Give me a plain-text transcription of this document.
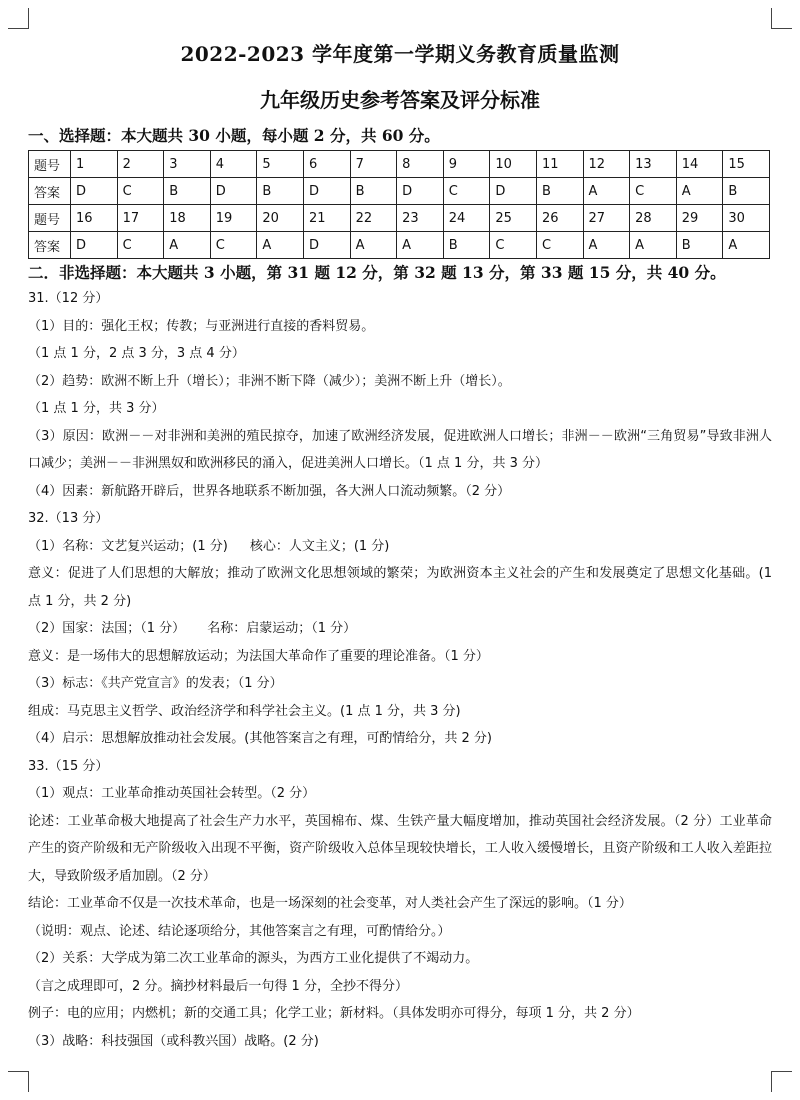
2022-2023 学年度第一学期义务教育质量监测
九年级历史参考答案及评分标准

一、选择题：本大题共 30 小题，每小题 2 分，共 60 分。

题号	1	2	3	4	5	6	7	8	9	10	11	12	13	14	15
答案	D	C	B	D	B	D	B	D	C	D	B	A	C	A	B
题号	16	17	18	19	20	21	22	23	24	25	26	27	28	29	30
答案	D	C	A	C	A	D	A	A	B	C	C	A	A	B	A

二．非选择题：本大题共 3 小题，第 31 题 12 分，第 32 题 13 分，第 33 题 15 分，共 40 分。

31.（12 分）

（1）目的：强化王权；传教；与亚洲进行直接的香料贸易。

（1 点 1 分，2 点 3 分，3 点 4 分）

（2）趋势：欧洲不断上升（增长）；非洲不断下降（减少）；美洲不断上升（增长）。

（1 点 1 分，共 3 分）

（3）原因：欧洲－－对非洲和美洲的殖民掠夺，加速了欧洲经济发展，促进欧洲人口增长；非洲－－欧洲“三角贸易”导致非洲人口减少；美洲－－非洲黑奴和欧洲移民的涌入，促进美洲人口增长。（1 点 1 分，共 3 分）

（4）因素：新航路开辟后，世界各地联系不断加强，各大洲人口流动频繁。（2 分）

32.（13 分）

（1）名称：文艺复兴运动；(1 分) 核心：人文主义；(1 分)

意义：促进了人们思想的大解放；推动了欧洲文化思想领域的繁荣；为欧洲资本主义社会的产生和发展奠定了思想文化基础。(1 点 1 分，共 2 分)

（2）国家：法国；（1 分） 名称：启蒙运动；（1 分）

意义：是一场伟大的思想解放运动；为法国大革命作了重要的理论准备。（1 分）

（3）标志：《共产党宣言》的发表；（1 分）

组成：马克思主义哲学、政治经济学和科学社会主义。(1 点 1 分，共 3 分)

（4）启示：思想解放推动社会发展。(其他答案言之有理，可酌情给分，共 2 分)

33.（15 分）

（1）观点：工业革命推动英国社会转型。（2 分）

论述：工业革命极大地提高了社会生产力水平，英国棉布、煤、生铁产量大幅度增加，推动英国社会经济发展。（2 分）工业革命产生的资产阶级和无产阶级收入出现不平衡，资产阶级收入总体呈现较快增长，工人收入缓慢增长，且资产阶级和工人收入差距拉大，导致阶级矛盾加剧。（2 分）

结论：工业革命不仅是一次技术革命，也是一场深刻的社会变革，对人类社会产生了深远的影响。（1 分）

（说明：观点、论述、结论逐项给分，其他答案言之有理，可酌情给分。）

（2）关系：大学成为第二次工业革命的源头，为西方工业化提供了不竭动力。

（言之成理即可，2 分。摘抄材料最后一句得 1 分，全抄不得分）

例子：电的应用；内燃机；新的交通工具；化学工业；新材料。（具体发明亦可得分，每项 1 分，共 2 分）

（3）战略：科技强国（或科教兴国）战略。(2 分)
